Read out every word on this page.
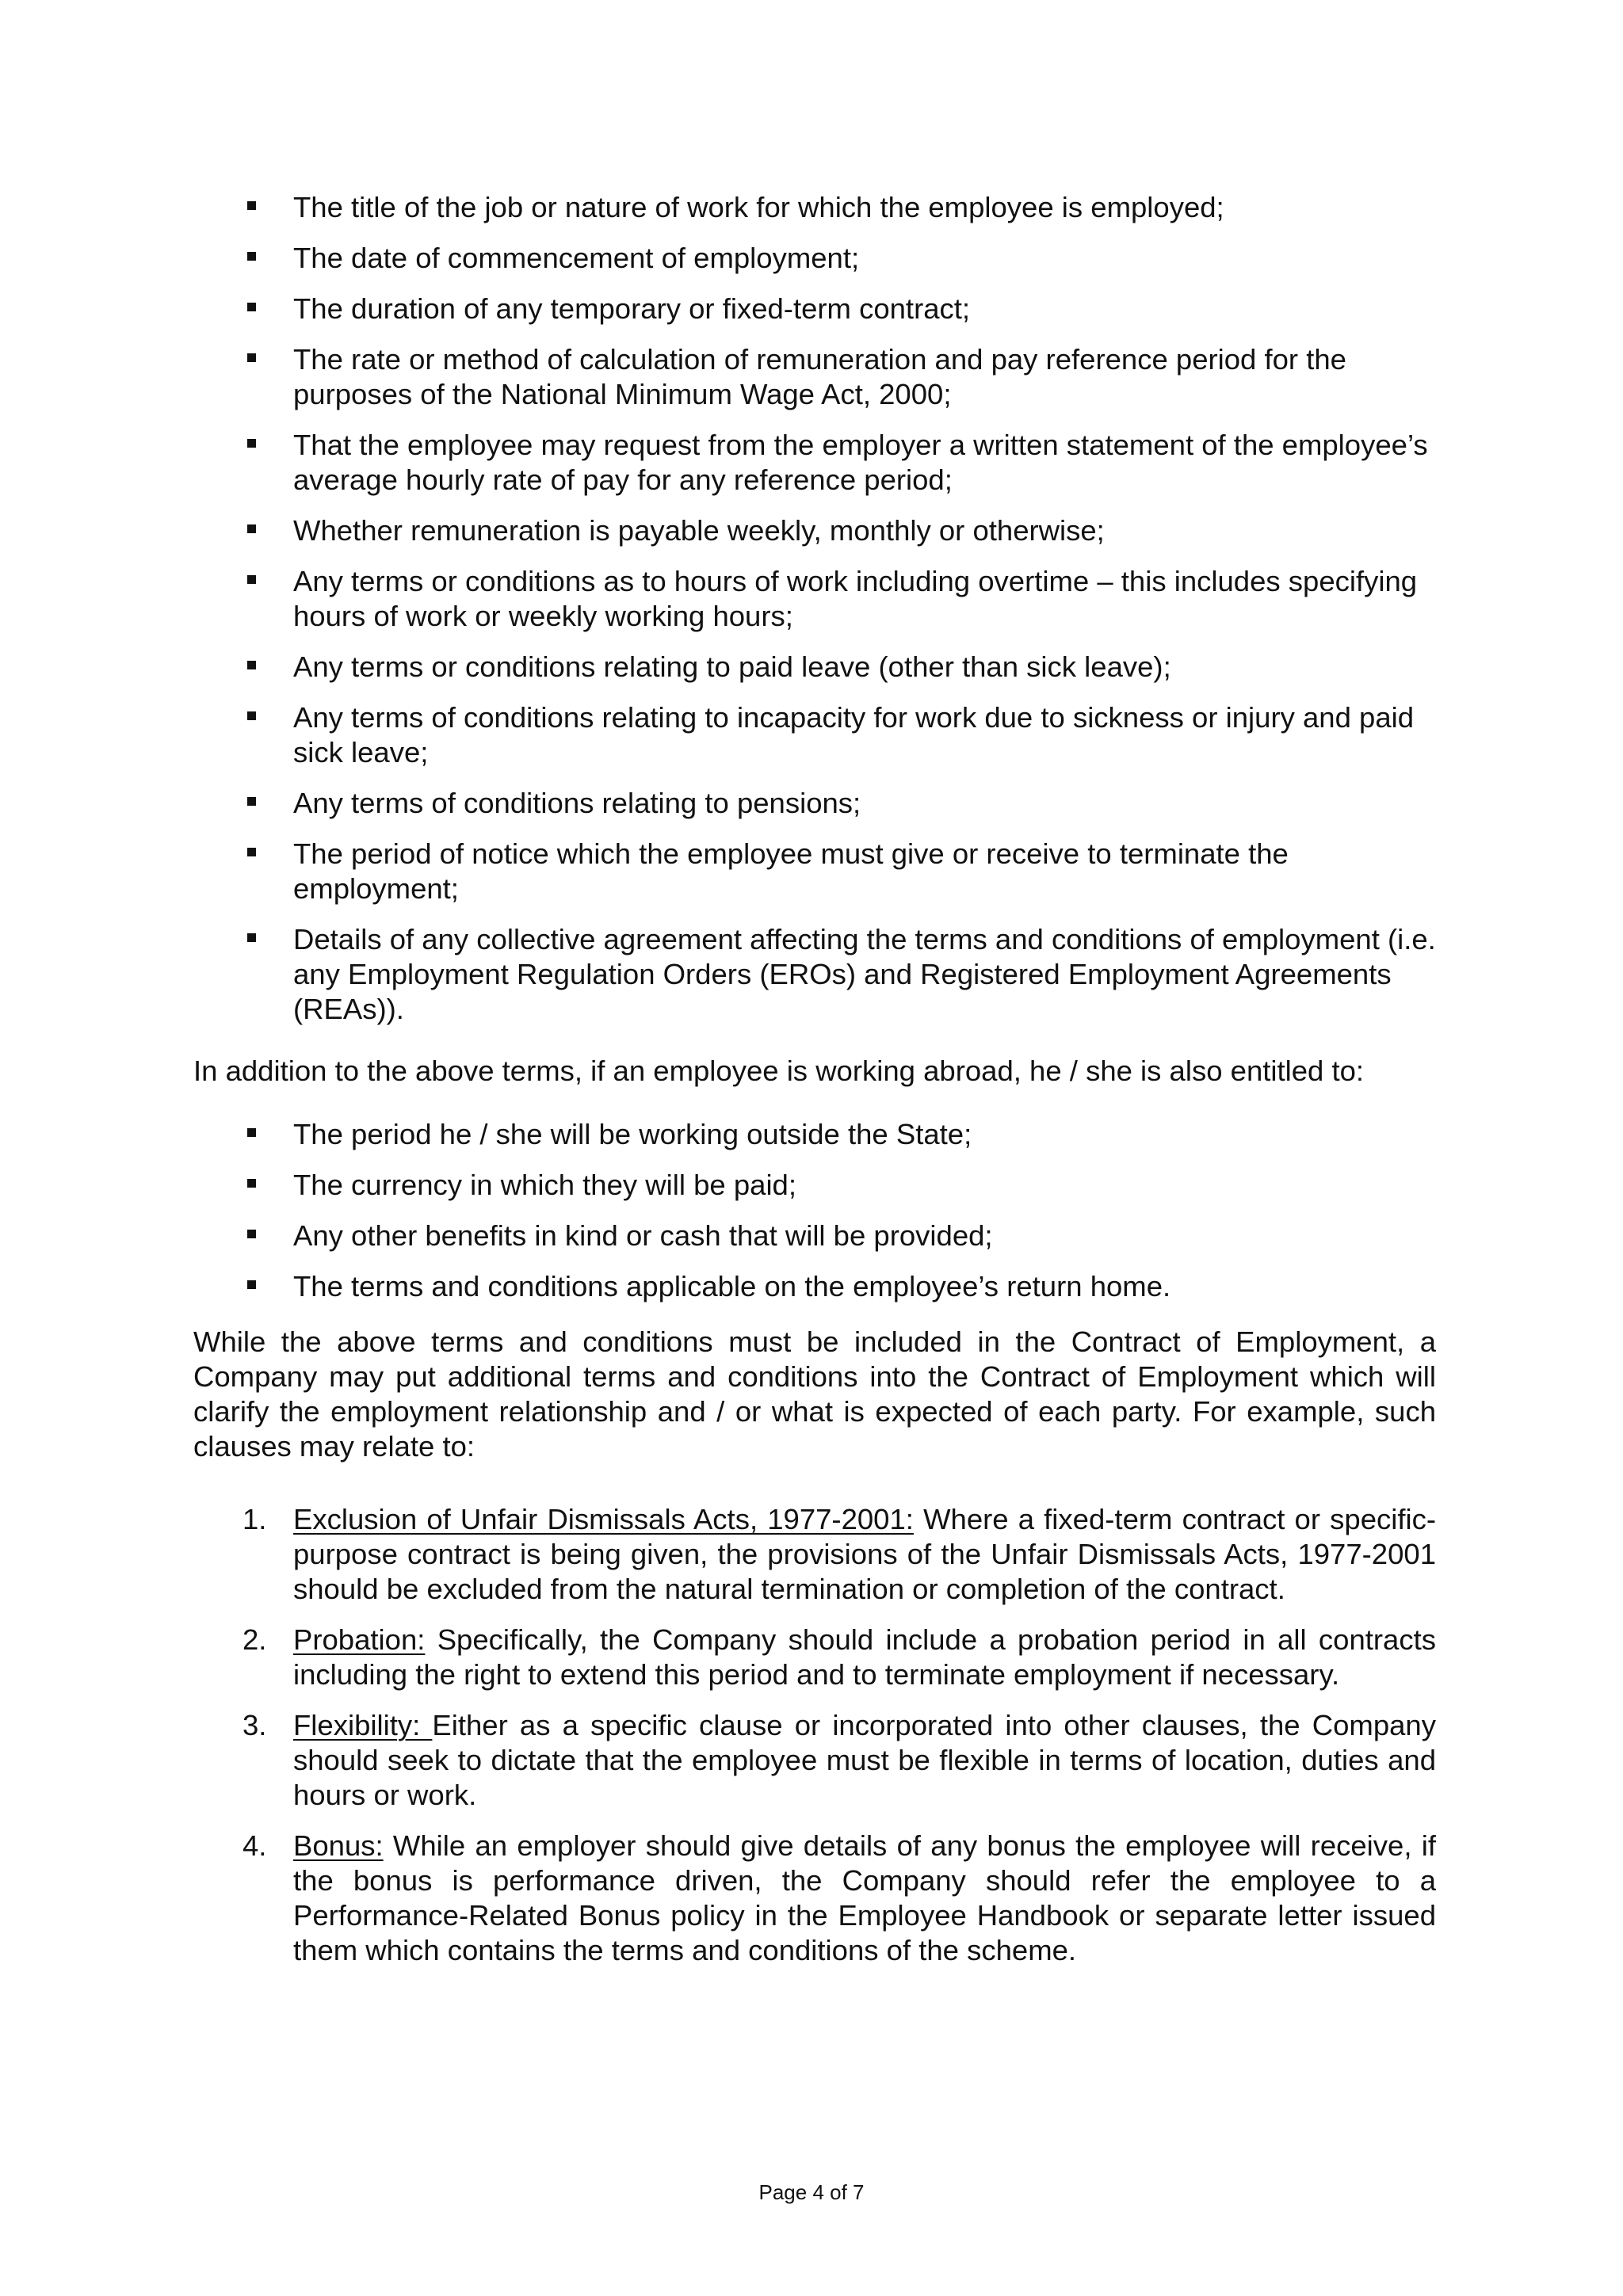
The title of the job or nature of work for which the employee is employed;
The date of commencement of employment;
The duration of any temporary or fixed-term contract;
The rate or method of calculation of remuneration and pay reference period for the purposes of the National Minimum Wage Act, 2000;
That the employee may request from the employer a written statement of the employee’s average hourly rate of pay for any reference period;
Whether remuneration is payable weekly, monthly or otherwise;
Any terms or conditions as to hours of work including overtime – this includes specifying hours of work or weekly working hours;
Any terms or conditions relating to paid leave (other than sick leave);
Any terms of conditions relating to incapacity for work due to sickness or injury and paid sick leave;
Any terms of conditions relating to pensions;
The period of notice which the employee must give or receive to terminate the employment;
Details of any collective agreement affecting the terms and conditions of employment (i.e. any Employment Regulation Orders (EROs) and Registered Employment Agreements (REAs)).

In addition to the above terms, if an employee is working abroad, he / she is also entitled to:

The period he / she will be working outside the State;
The currency in which they will be paid;
Any other benefits in kind or cash that will be provided;
The terms and conditions applicable on the employee’s return home.

While the above terms and conditions must be included in the Contract of Employment, a Company may put additional terms and conditions into the Contract of Employment which will clarify the employment relationship and / or what is expected of each party. For example, such clauses may relate to:

1. Exclusion of Unfair Dismissals Acts, 1977-2001: Where a fixed-term contract or specific-purpose contract is being given, the provisions of the Unfair Dismissals Acts, 1977-2001 should be excluded from the natural termination or completion of the contract.
2. Probation: Specifically, the Company should include a probation period in all contracts including the right to extend this period and to terminate employment if necessary.
3. Flexibility: Either as a specific clause or incorporated into other clauses, the Company should seek to dictate that the employee must be flexible in terms of location, duties and hours or work.
4. Bonus: While an employer should give details of any bonus the employee will receive, if the bonus is performance driven, the Company should refer the employee to a Performance-Related Bonus policy in the Employee Handbook or separate letter issued them which contains the terms and conditions of the scheme.
Page 4 of 7
